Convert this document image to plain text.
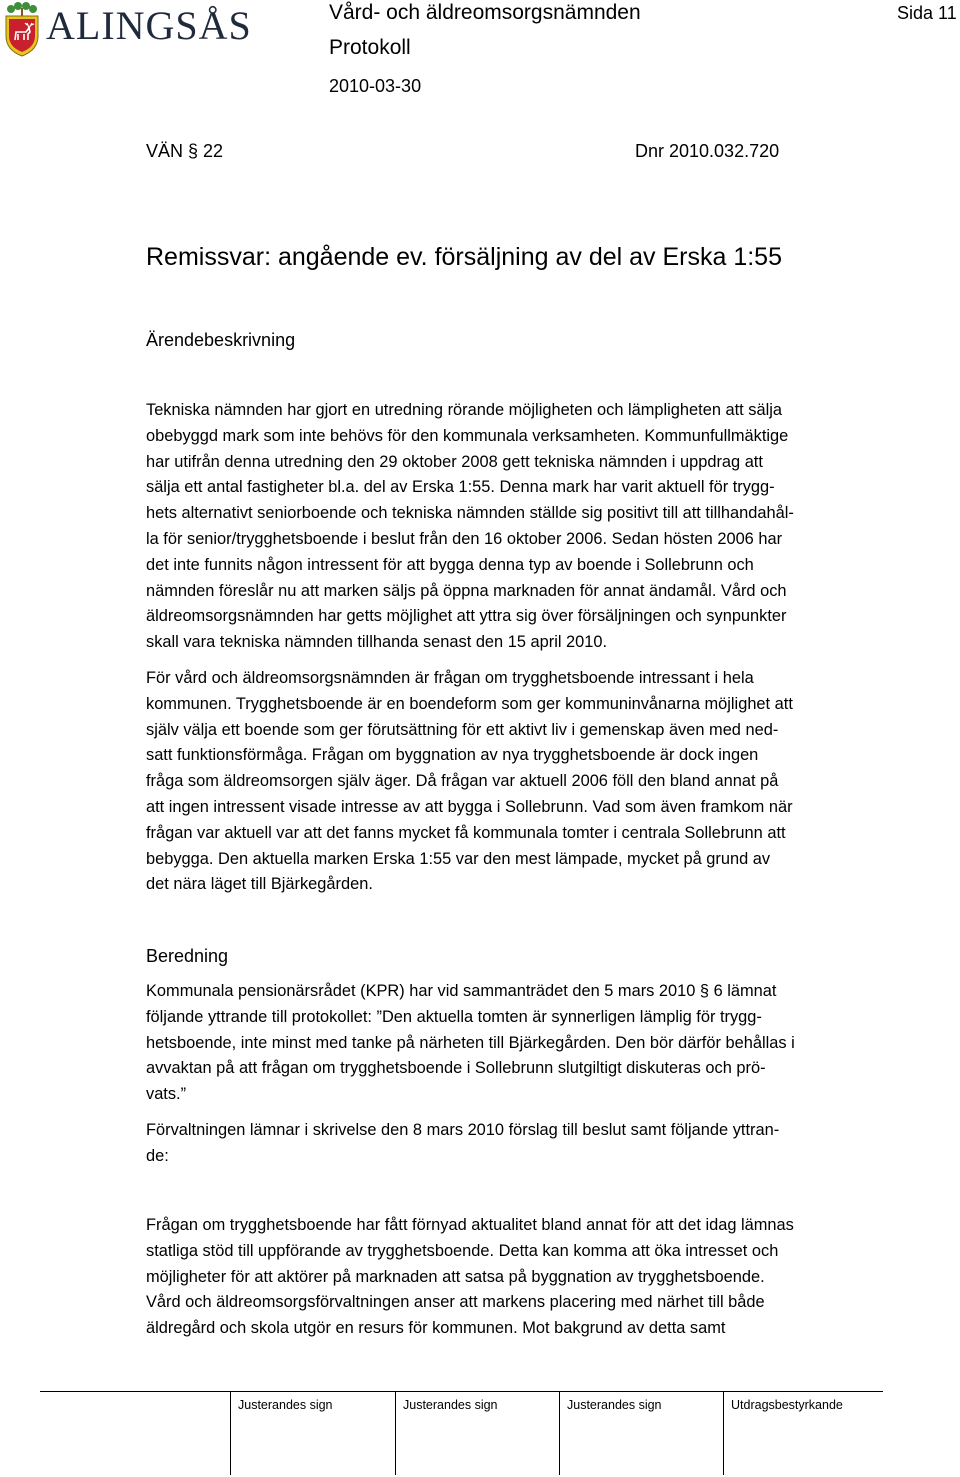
ALINGSÅS	Vård- och äldreomsorgsnämnden
Protokoll
2010-03-30
Sida 11
VÄN § 22	Dnr 2010.032.720
Remissvar: angående ev. försäljning av del av Erska 1:55
Ärendebeskrivning

Tekniska nämnden har gjort en utredning rörande möjligheten och lämpligheten att sälja
obebyggd mark som inte behövs för den kommunala verksamheten. Kommunfullmäktige
har utifrån denna utredning den 29 oktober 2008 gett tekniska nämnden i uppdrag att
sälja ett antal fastigheter bl.a. del av Erska 1:55. Denna mark har varit aktuell för trygg-
hets alternativt seniorboende och tekniska nämnden ställde sig positivt till att tillhandahål-
la för senior/trygghetsboende i beslut från den 16 oktober 2006. Sedan hösten 2006 har
det inte funnits någon intressent för att bygga denna typ av boende i Sollebrunn och
nämnden föreslår nu att marken säljs på öppna marknaden för annat ändamål. Vård och
äldreomsorgsnämnden har getts möjlighet att yttra sig över försäljningen och synpunkter
skall vara tekniska nämnden tillhanda senast den 15 april 2010.

För vård och äldreomsorgsnämnden är frågan om trygghetsboende intressant i hela
kommunen. Trygghetsboende är en boendeform som ger kommuninvånarna möjlighet att
själv välja ett boende som ger förutsättning för ett aktivt liv i gemenskap även med ned-
satt funktionsförmåga. Frågan om byggnation av nya trygghetsboende är dock ingen
fråga som äldreomsorgen själv äger. Då frågan var aktuell 2006 föll den bland annat på
att ingen intressent visade intresse av att bygga i Sollebrunn. Vad som även framkom när
frågan var aktuell var att det fanns mycket få kommunala tomter i centrala Sollebrunn att
bebygga. Den aktuella marken Erska 1:55 var den mest lämpade, mycket på grund av
det nära läget till Bjärkegården.

Beredning

Kommunala pensionärsrådet (KPR) har vid sammanträdet den 5 mars 2010 § 6 lämnat
följande yttrande till protokollet: ”Den aktuella tomten är synnerligen lämplig för trygg-
hetsboende, inte minst med tanke på närheten till Bjärkegården. Den bör därför behållas i
avvaktan på att frågan om trygghetsboende i Sollebrunn slutgiltigt diskuteras och prö-
vats.”

Förvaltningen lämnar i skrivelse den 8 mars 2010 förslag till beslut samt följande yttran-
de:

Frågan om trygghetsboende har fått förnyad aktualitet bland annat för att det idag lämnas
statliga stöd till uppförande av trygghetsboende. Detta kan komma att öka intresset och
möjligheter för att aktörer på marknaden att satsa på byggnation av trygghetsboende.
Vård och äldreomsorgsförvaltningen anser att markens placering med närhet till både
äldregård och skola utgör en resurs för kommunen. Mot bakgrund av detta samt

Justerandes sign	Justerandes sign	Justerandes sign	Utdragsbestyrkande
